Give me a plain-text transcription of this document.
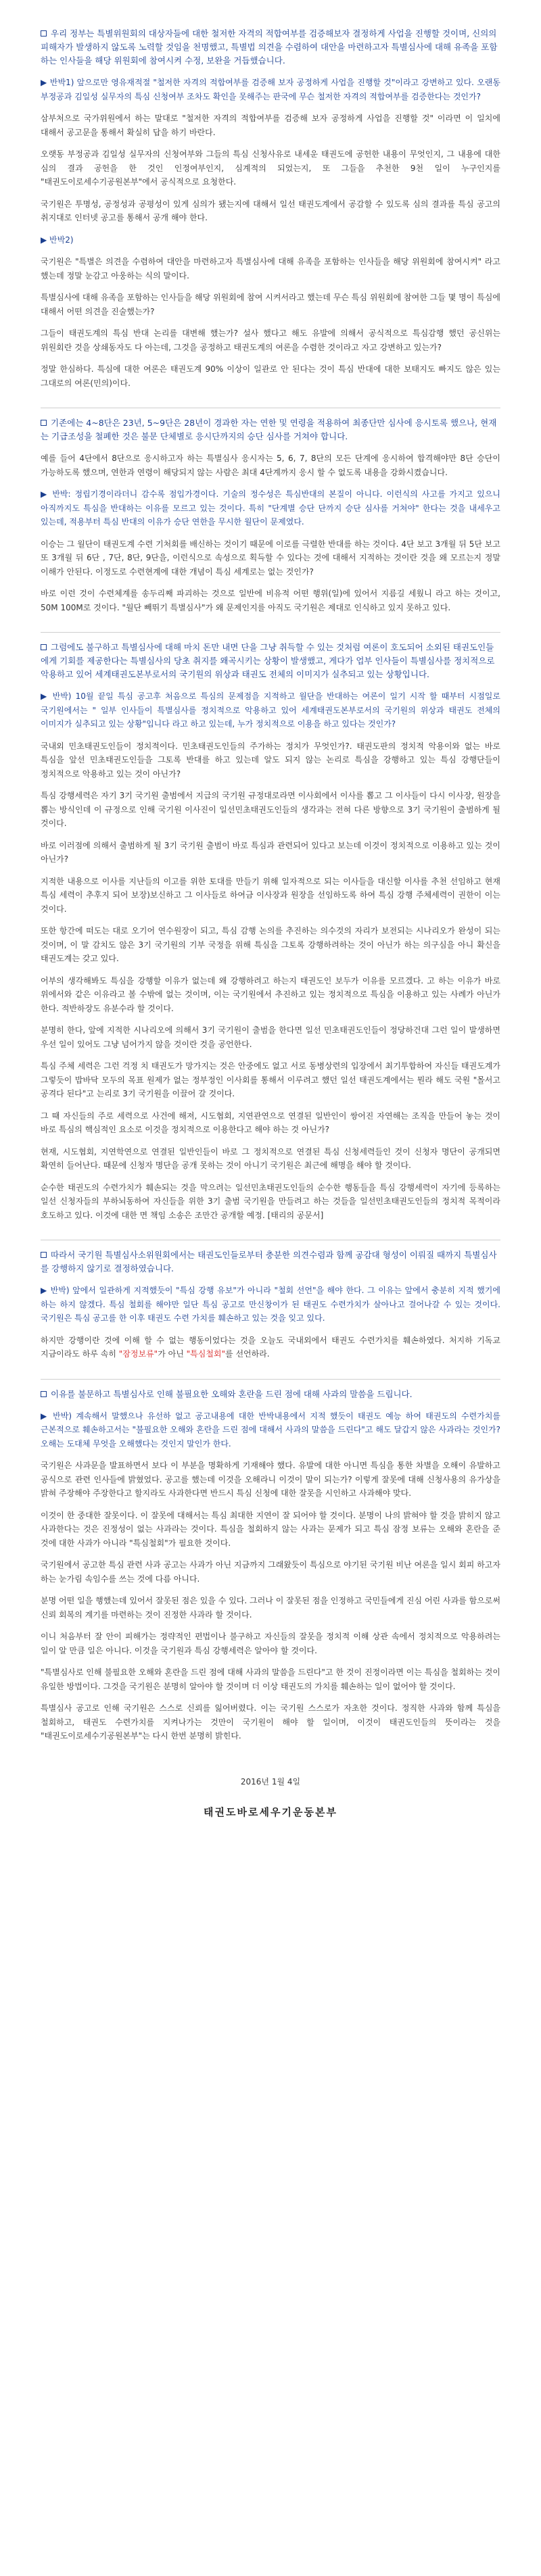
우리 정부는 특별위원회의 대상자들에 대한 철저한 자격의 적합여부를 검증해보자 결정하게 사업을 진행할 것이며, 신의의 피해자가 발생하지 않도록 노력할 것임을 천명했고, 특별법 의견을 수렴하여 대안을 마련하고자 특별심사에 대해 유족을 포함하는 인사들을 해당 위원회에 참여시켜 수정, 보완을 거듭했습니다.

▶ 반박1) 앞으로만 영유재적절 "철저한 자격의 적합여부를 검증해 보자 공정하게 사업을 진행할 것"이라고 강변하고 있다. 오랜동 부정공과 김일성 실무자의 특심 신청여부 조차도 확인을 못해주는 판국에 무슨 철저한 자격의 적합여부를 검증한다는 것인가?

삼부처으로 국가위원에서 하는 말대로 "철저한 자격의 적합여부를 검증해 보자 공정하게 사업을 진행할 것" 이라면 이 일치에 대해서 공고문을 통해서 확실히 답을 하기 바란다.

오랫동 부정공과 김일성 실무자의 신청여부와 그들의 특심 신청사유로 내세운 태권도에 공헌한 내용이 무엇인지, 그 내용에 대한 심의 결과 공헌을 한 것인 인정여부인지, 심계적의 되었는지, 또 그들을 추천한 9천 일이 누구인지를 "태권도이로세수기공원본부"에서 공식적으로 요청한다.

국기원은 투명성, 공정성과 공평성이 있게 심의가 됐는지에 대해서 일선 태권도계에서 공감할 수 있도록 심의 결과를 특심 공고의 취지대로 인터넷 공고를 통해서 공개 해야 한다.

▶ 반박2)

국기원은 "특별은 의견을 수렴하여 대안을 마련하고자 특별심사에 대해 유족을 포함하는 인사들을 해당 위원회에 참여시켜" 라고 했는데 정말 눈감고 아웅하는 식의 말이다.

특별심사에 대해 유족을 포함하는 인사들을 해당 위원회에 참여 시켜서라고 했는데 무슨 특심 위원회에 참여한 그들 몇 명이 특심에 대해서 어떤 의견을 진술했는가?

그들이 태권도계의 특심 반대 논리를 대변해 했는가? 설사 했다고 해도 유발에 의해서 공식적으로 특심감행 했던 공신위는 위원회란 것을 상쇄동자도 다 아는데, 그것을 공정하고 태권도계의 여론을 수렴한 것이라고 자고 강변하고 있는가?

정말 한심하다. 특심에 대한 여론은 태권도계 90% 이상이 일관로 안 된다는 것이 특심 반대에 대한 보태지도 빠지도 않은 있는 그대로의 여론(민의)이다.

기존에는 4~8단은 23년, 5~9단은 28년이 경과한 자는 연한 및 연령을 적용하여 최종단만 심사에 응시토록 했으나, 현재는 기급조성을 철폐한 것은 불문 단체별로 응시단까지의 승단 심사를 거쳐야 합니다.

예를 들어 4단에서 8단으로 응시하고자 하는 특별심사 응시자는 5, 6, 7, 8단의 모든 단계에 응시하여 합격해야만 8단 승단이 가능하도록 했으며, 연한과 연령이 해당되지 않는 사람은 최대 4단계까지 응시 할 수 없도록 내용을 강화시켰습니다.

▶ 반박: 정립기경이라더니 감수록 점입가경이다. 기술의 정수성은 특심반대의 본질이 아니다. 이런식의 사고를 가지고 있으니 아직까지도 특심을 반대하는 이유를 모르고 있는 것이다. 특히 "단계별 승단 단까지 승단 심사를 거쳐야" 한다는 것을 내세우고 있는데, 적용부터 특심 반대의 이유가 승단 연한을 무시한 월단이 문제였다.

이승는 그 월단이 태권도계 수련 기처회를 배신하는 것이기 때문에 이로를 극렬한 반대를 하는 것이다. 4단 보고 3개월 뒤 5단 보고 또 3개월 뒤 6단 , 7단, 8단, 9단을, 이런식으로 속성으로 획득할 수 있다는 것에 대해서 지적하는 것이란 것을 왜 모르는지 정말 이해가 안된다. 이정도로 수련현계에 대한 개념이 특심 세계로는 없는 것인가?

바로 이런 것이 수련체계를 송두리째 파괴하는 것으로 일반에 비유적 어떤 행위(일)에 있어서 지름길 세웠니 라고 하는 것이고, 50M 100M로 것이다. "월단 빼뛰기 특별심사"가 왜 문제인지를 아직도 국기원은 제대로 인식하고 있지 못하고 있다.

그럼에도 불구하고 특별심사에 대해 마치 돈만 내면 단을 그냥 취득할 수 있는 것처럼 여론이 호도되어 소외된 태권도인들에게 기회를 제공한다는 특별심사의 당초 취지를 왜곡시키는 상황이 발생했고, 게다가 업부 인사들이 특별심사를 정치적으로 악용하고 있어 세계태권도본부로서의 국기원의 위상과 태권도 전체의 이미지가 실추되고 있는 상황입니다.

▶ 반박) 10월 끝일 특심 공고후 처음으로 특심의 문제점을 지적하고 월단을 반대하는 여론이 일기 시작 할 때부터 시점일로 국기원에서는 " 일부 인사들이 특별심사를 정치적으로 악용하고 있어 세계태권도본부로서의 국기원의 위상과 태권도 전체의 이미지가 실추되고 있는 상황"입니다 라고 하고 있는데, 누가 정치적으로 이용을 하고 있다는 것인가?

국내외 민초태권도인들이 정치적이다. 민초태권도인들의 주가하는 정치가 무엇인가?. 태권도판의 정치적 악용이와 없는 바로 특심을 앞선 민초태권도인들을 그토록 반대를 하고 있는데 알도 되지 않는 논리로 특심을 강행하고 있는 특심 강행단들이 정치적으로 악용하고 있는 것이 아닌가?

특심 강행세력은 자기 3기 국기원 출범에서 지급의 국기원 규정대로라면 이사회에서 이사를 뽑고 그 이사들이 다시 이사장, 원장을 뽑는 방식인데 이 규정으로 인해 국기원 이사진이 일선민초태권도인들의 생각과는 전혀 다른 방향으로 3기 국기원이 출범하게 될 것이다.

바로 이러점에 의해서 출범하게 될 3기 국기원 출범이 바로 특심과 관련되어 있다고 보는데 이것이 정치적으로 이용하고 있는 것이 아닌가?

지적한 내용으로 이사를 지난들의 이고를 위한 토대를 만들기 위해 일자적으로 되는 이사들을 대신할 이사를 추천 선임하고 현재 특심 세력이 추후지 되어 보장)보신하고 그 이사들로 하여금 이사장과 원장을 선임하도록 하여 특심 강행 주체세력이 권한이 이는 것이다.

또한 항간에 떠도는 대로 오기어 연수원장이 되고, 특심 감행 논의를 추진하는 의수것의 자리가 보전되는 시나리오가 완성이 되는 것이며, 이 말 감치도 않은 3기 국기원의 기부 국정을 위해 특심을 그토록 강행하려하는 것이 아닌가 하는 의구심을 아니 확신을 태권도계는 갖고 있다.

어부의 생각해봐도 특심을 강행할 이유가 없는데 왜 강행하려고 하는지 태권도인 보두가 이유를 모르겠다. 고 하는 이유가 바로 위에서와 같은 이유라고 볼 수밖에 없는 것이며, 이는 국기원에서 추진하고 있는 정치적으로 특심을 이용하고 있는 사례가 아닌가 한다. 적반하장도 유분수라 할 것이다.

분명히 한다, 앞에 지적한 시나리오에 의해서 3기 국기원이 출범을 한다면 일선 민초태권도인들이 정당하건대 그런 일이 발생하면 우선 일이 있어도 그냥 넘어가지 않을 것이란 것을 공언한다.

특심 주체 세력은 그런 걱정 치 태권도가 망가지는 것은 안중에도 없고 서로 동병상련의 입장에서 최기투합하여 자신들 태권도계가 그렇듯이 밥바닥 모두의 목표 원제가 없는 정부정인 이사회를 통해서 이루려고 했던 일선 태권도계에서는 뭔라 해도 국원 "몰서고 공격다 된다"고 는리로 3기 국기원을 이끌어 갈 것이다.

그 때 자신들의 주로 세력으로 사건에 해져, 시도협회, 지연관연으로 연결된 일반인이 쌍어진 자연해는 조직을 만들어 놓는 것이 바로 특심의 핵심적인 요소로 이것을 정치적으로 이용한다고 해야 하는 것 아닌가?

현재, 시도협회, 지연학연으로 연결된 일반인들이 바로 그 정치적으로 연결된 특심 신청세력들인 것이 신청자 명단이 공개되면 확연히 들어난다. 때문에 신청자 명단을 공개 못하는 것이 아니기 국기원은 최근에 해명을 해야 할 것이다.

순수한 태권도의 수련가치가 훼손되는 것을 막으려는 일선민초태권도인들의 순수한 행동들을 특심 강행세력이 자기에 등록하는 일선 신청자들의 부하뇌동하여 자신들을 위한 3기 출범 국기원을 만들려고 하는 것들을 일선민초태권도인들의 정치적 목적이라 호도하고 있다. 이것에 대한 면 책임 소송은 조만간 공개할 예정. [태리의 공문서]

따라서 국기원 특별심사소위원회에서는 태권도인들로부터 충분한 의견수렴과 함께 공감대 형성이 이뤄질 때까지 특별심사를 강행하지 않기로 결정하였습니다.

▶ 반박) 앞에서 일관하게 지적했듯이 "특심 강행 유보"가 아니라 "철회 선언"을 해야 한다. 그 이유는 앞에서 충분히 지적 했기에 하는 하지 않겠다. 특심 철회를 해야만 일단 특심 공고로 만신창이가 된 태권도 수련가치가 살아나고 걸어나갈 수 있는 것이다. 국기원은 특심 공고를 한 이후 태권도 수련 가치를 훼손하고 있는 것을 잊고 있다.

하지만 강행이란 것에 이해 할 수 없는 행동이었다는 것을 오늘도 국내외에서 태권도 수련가치를 훼손하였다. 처지하 기독교 지금이라도 하루 속히 "잠정보류"가 아닌 "특심철회"를 선언하라.

이유를 불문하고 특별심사로 인해 불필요한 오해와 혼란을 드린 점에 대해 사과의 말씀을 드립니다.

▶ 반박) 계속해서 말했으나 유선하 없고 공고내용에 대한 반박내용에서 지적 했듯이 태권도 예능 하여 태권도의 수련가치를 근본적으로 훼손하고서는 "불필요한 오해와 혼란을 드린 점에 대해서 사과의 말씀을 드린다"고 해도 달갑지 않은 사과라는 것인가? 오해는 도대체 무엇을 오해했다는 것인지 말인가 한다.

국기원은 사과문을 발표하면서 보다 이 부분을 명확하게 기재해야 했다. 유발에 대한 아니면 특심을 통한 차별을 오해이 유발하고 공식으로 관련 인사들에 밝혔었다. 공고를 했는데 이것을 오해라니 이것이 말이 되는가? 이렇게 잘못에 대해 신청사용의 유가상을 밝혀 주장해야 주장한다고 할지라도 사과한다면 반드시 특심 신청에 대한 잘못을 시인하고 사과해야 맞다.

이것이 한 중대한 잘못이다. 이 잘못에 대해서는 특심 최대한 지연이 잘 되어야 할 것이다. 분명이 나의 밝혀야 할 것을 밝히지 않고 사과한다는 것은 진정성이 없는 사과라는 것이다. 특심을 철회하지 않는 사과는 문제가 되고 특심 잠정 보류는 오해와 혼란을 준 것에 대한 사과가 아니라 "특심철회"가 필요한 것이다.

국기원에서 공고한 특심 관련 사과 공고는 사과가 아닌 지금까지 그래왔듯이 특심으로 야기된 국기원 비난 여론을 일시 회피 하고자 하는 눈가림 속임수를 쓰는 것에 다름 아니다.

분명 어떤 일을 행했는데 있어서 잘못된 점은 있을 수 있다. 그러나 이 잘못된 점을 인정하고 국민들에게 진심 어린 사과를 함으로써 신뢰 회복의 계기를 마련하는 것이 진정한 사과라 할 것이다.

이니 처음부터 잘 안이 피해가는 정략적인 편법이나 불구하고 자신들의 잘못을 정치적 이해 상관 속에서 정치적으로 악용하려는 일이 알 만큼 일은 아니다. 이것을 국기원과 특심 강행세력은 알아야 할 것이다.

"특별심사로 인해 불필요한 오해와 혼란을 드린 점에 대해 사과의 말씀을 드린다"고 한 것이 진정이라면 이는 특심을 철회하는 것이 유일한 방법이다. 그것을 국기원은 분명히 알아야 할 것이며 더 이상 태권도의 가치를 훼손하는 일이 없어야 할 것이다.

특별심사 공고로 인해 국기원은 스스로 신뢰를 잃어버렸다. 이는 국기원 스스로가 자초한 것이다. 정직한 사과와 함께 특심을 철회하고, 태권도 수련가치를 지켜나가는 것만이 국기원이 해야 할 일이며, 이것이 태권도인들의 뜻이라는 것을 "태권도이로세수기공원본부"는 다시 한번 분명히 밝힌다.

2016년 1월 4일

태권도바로세우기운동본부
